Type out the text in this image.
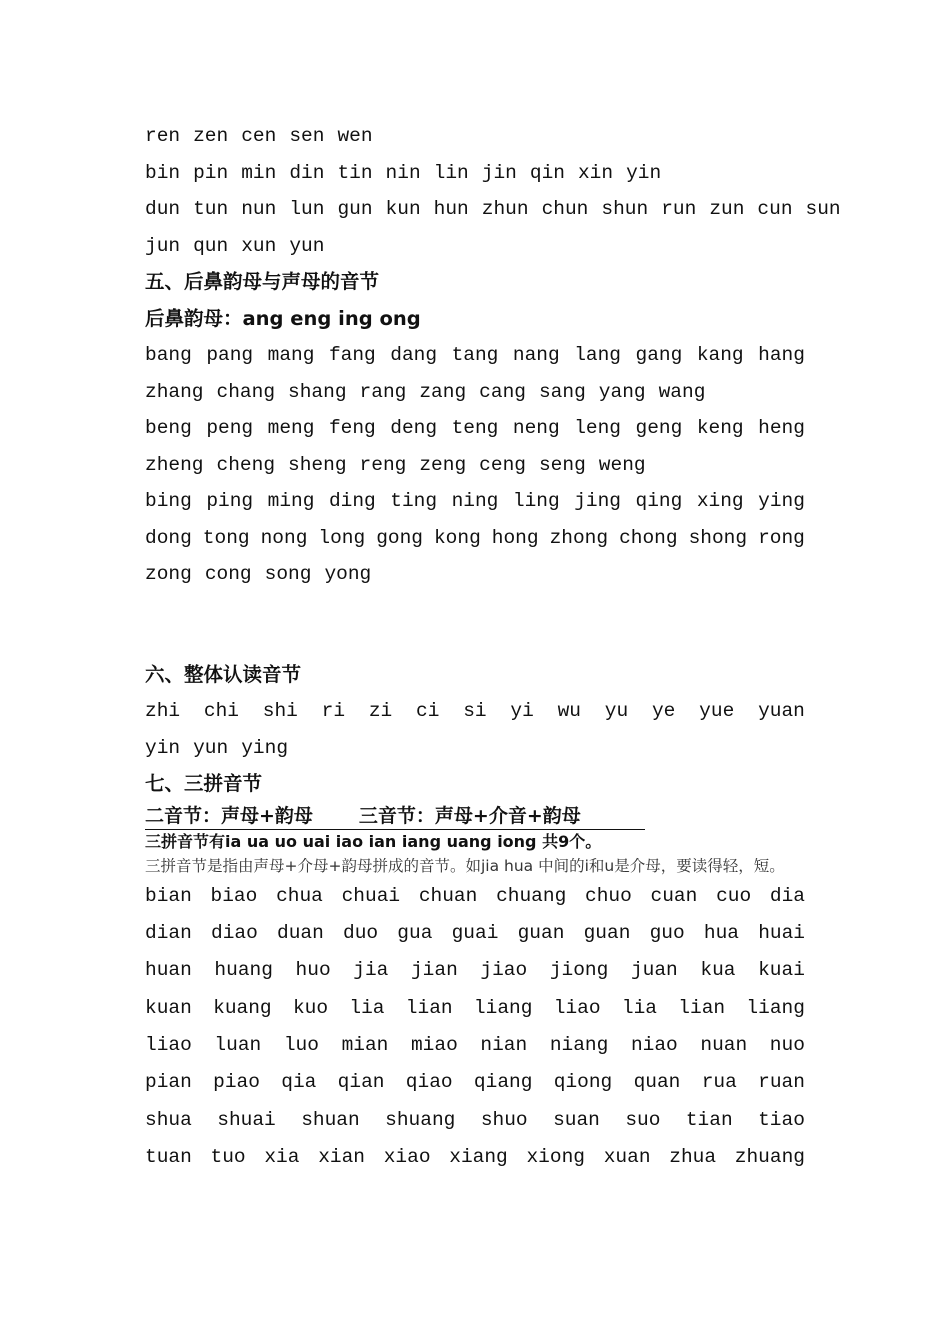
ren zen cen sen wen
bin pin min din tin nin lin jin qin xin yin
dun tun nun lun gun kun hun zhun chun shun run zun cun sun
jun qun xun yun
五、后鼻韵母与声母的音节
后鼻韵母：ang eng ing ong
bang pang mang fang dang tang nang lang gang kang hang
zhang chang shang rang zang cang sang yang wang
beng peng meng feng deng teng neng leng geng keng heng
zheng cheng sheng reng zeng ceng seng weng
bing ping ming ding ting ning ling jing qing xing ying
dong tong nong long gong kong hong zhong chong shong rong
zong cong song yong
六、整体认读音节
zhi chi shi ri zi ci si yi wu yu ye yue yuan
yin yun ying
七、三拼音节
二音节：声母+韵母 三音节：声母+介音+韵母
三拼音节有ia ua uo uai iao ian iang uang iong 共9个。
三拼音节是指由声母+介母+韵母拼成的音节。如jia hua 中间的i和u是介母，要读得轻，短。
bian biao chua chuai chuan chuang chuo cuan cuo dia
dian diao duan duo gua guai guan guan guo hua huai
huan huang huo jia jian jiao jiong juan kua kuai
kuan kuang kuo lia lian liang liao lia lian liang
liao luan luo mian miao nian niang niao nuan nuo
pian piao qia qian qiao qiang qiong quan rua ruan
shua shuai shuan shuang shuo suan suo tian tiao
tuan tuo xia xian xiao xiang xiong xuan zhua zhuang
